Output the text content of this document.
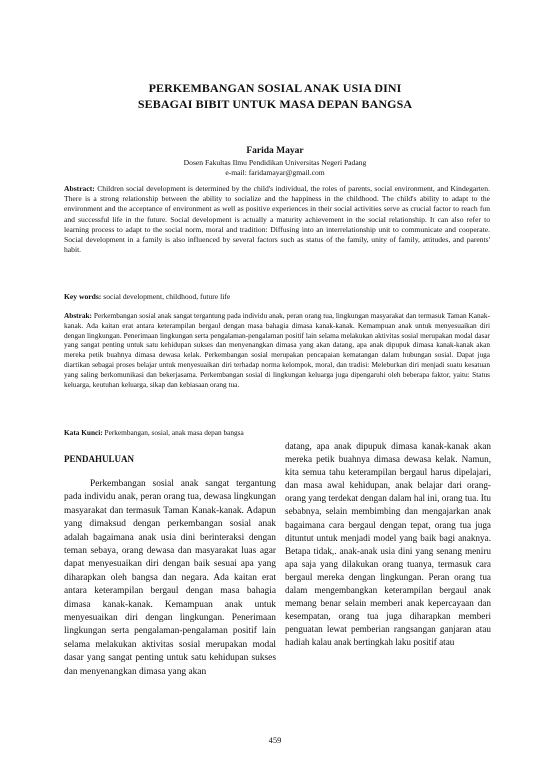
PERKEMBANGAN SOSIAL ANAK USIA DINI
SEBAGAI BIBIT UNTUK MASA DEPAN BANGSA
Farida Mayar
Dosen Fakultas Ilmu Pendidikan Universitas Negeri Padang
e-mail: faridamayar@gmail.com

Abstract: Children social development is determined by the child's individual, the roles of parents, social environment, and Kindegarten. There is a strong relationship between the ability to socialize and the happiness in the childhood. The child's ability to adapt to the environment and the acceptance of environment as well as positive experiences in their social activities serve as crucial factor to reach fun and successful life in the future. Social development is actually a maturity achievement in the social relationship. It can also refer to learning process to adapt to the social norm, moral and tradition: Diffusing into an interrelationship unit to communicate and cooperate. Social development in a family is also influenced by several factors such as status of the family, unity of family, attitudes, and parents' habit.

Key words: social development, childhood, future life

Abstrak: Perkembangan sosial anak sangat tergantung pada individu anak, peran orang tua, lingkungan masyarakat dan termasuk Taman Kanak-kanak. Ada kaitan erat antara keterampilan bergaul dengan masa bahagia dimasa kanak-kanak. Kemampuan anak untuk menyesuaikan diri dengan lingkungan. Penerimaan lingkungan serta pengalaman-pengalaman positif lain selama melakukan aktivitas sosial merupakan modal dasar yang sangat penting untuk satu kehidupan sukses dan menyenangkan dimasa yang akan datang, apa anak dipupuk dimasa kanak-kanak akan mereka petik buahnya dimasa dewasa kelak. Perkembangan sosial merupakan pencapaian kematangan dalam hubungan sosial. Dapat juga diartikan sebagai proses belajar untuk menyesuaikan diri terhadap norma kelompok, moral, dan tradisi: Meleburkan diri menjadi suatu kesatuan yang saling berkomunikasi dan bekerjasama. Perkembangan sosial di lingkungan keluarga juga dipengaruhi oleh beberapa faktor, yaitu: Status keluarga, keutuhan keluarga, sikap dan kebiasaan orang tua.

Kata Kunci: Perkembangan, sosial, anak masa depan bangsa

PENDAHULUAN

Perkembangan sosial anak sangat tergantung pada individu anak, peran orang tua, dewasa lingkungan masyarakat dan termasuk Taman Kanak-kanak. Adapun yang dimaksud dengan perkembangan sosial anak adalah bagaimana anak usia dini berinteraksi dengan teman sebaya, orang dewasa dan masyarakat luas agar dapat menyesuaikan diri dengan baik sesuai apa yang diharapkan oleh bangsa dan negara. Ada kaitan erat antara keterampilan bergaul dengan masa bahagia dimasa kanak-kanak. Kemampuan anak untuk menyesuaikan diri dengan lingkungan. Penerimaan lingkungan serta pengalaman-pengalaman positif lain selama melakukan aktivitas sosial merupakan modal dasar yang sangat penting untuk satu kehidupan sukses dan menyenangkan dimasa yang akan

datang, apa anak dipupuk dimasa kanak-kanak akan mereka petik buahnya dimasa dewasa kelak. Namun, kita semua tahu keterampilan bergaul harus dipelajari, dan masa awal kehidupan, anak belajar dari orang-orang yang terdekat dengan dalam hal ini, orang tua. Itu sebabnya, selain membimbing dan mengajarkan anak bagaimana cara bergaul dengan tepat, orang tua juga dituntut untuk menjadi model yang baik bagi anaknya. Betapa tidak,. anak-anak usia dini yang senang meniru apa saja yang dilakukan orang tuanya, termasuk cara bergaul mereka dengan lingkungan. Peran orang tua dalam mengembangkan keterampilan bergaul anak memang benar selain memberi anak kepercayaan dan kesempatan, orang tua juga diharapkan memberi penguatan lewat pemberian rangsangan ganjaran atau hadiah kalau anak bertingkah laku positif atau

459
